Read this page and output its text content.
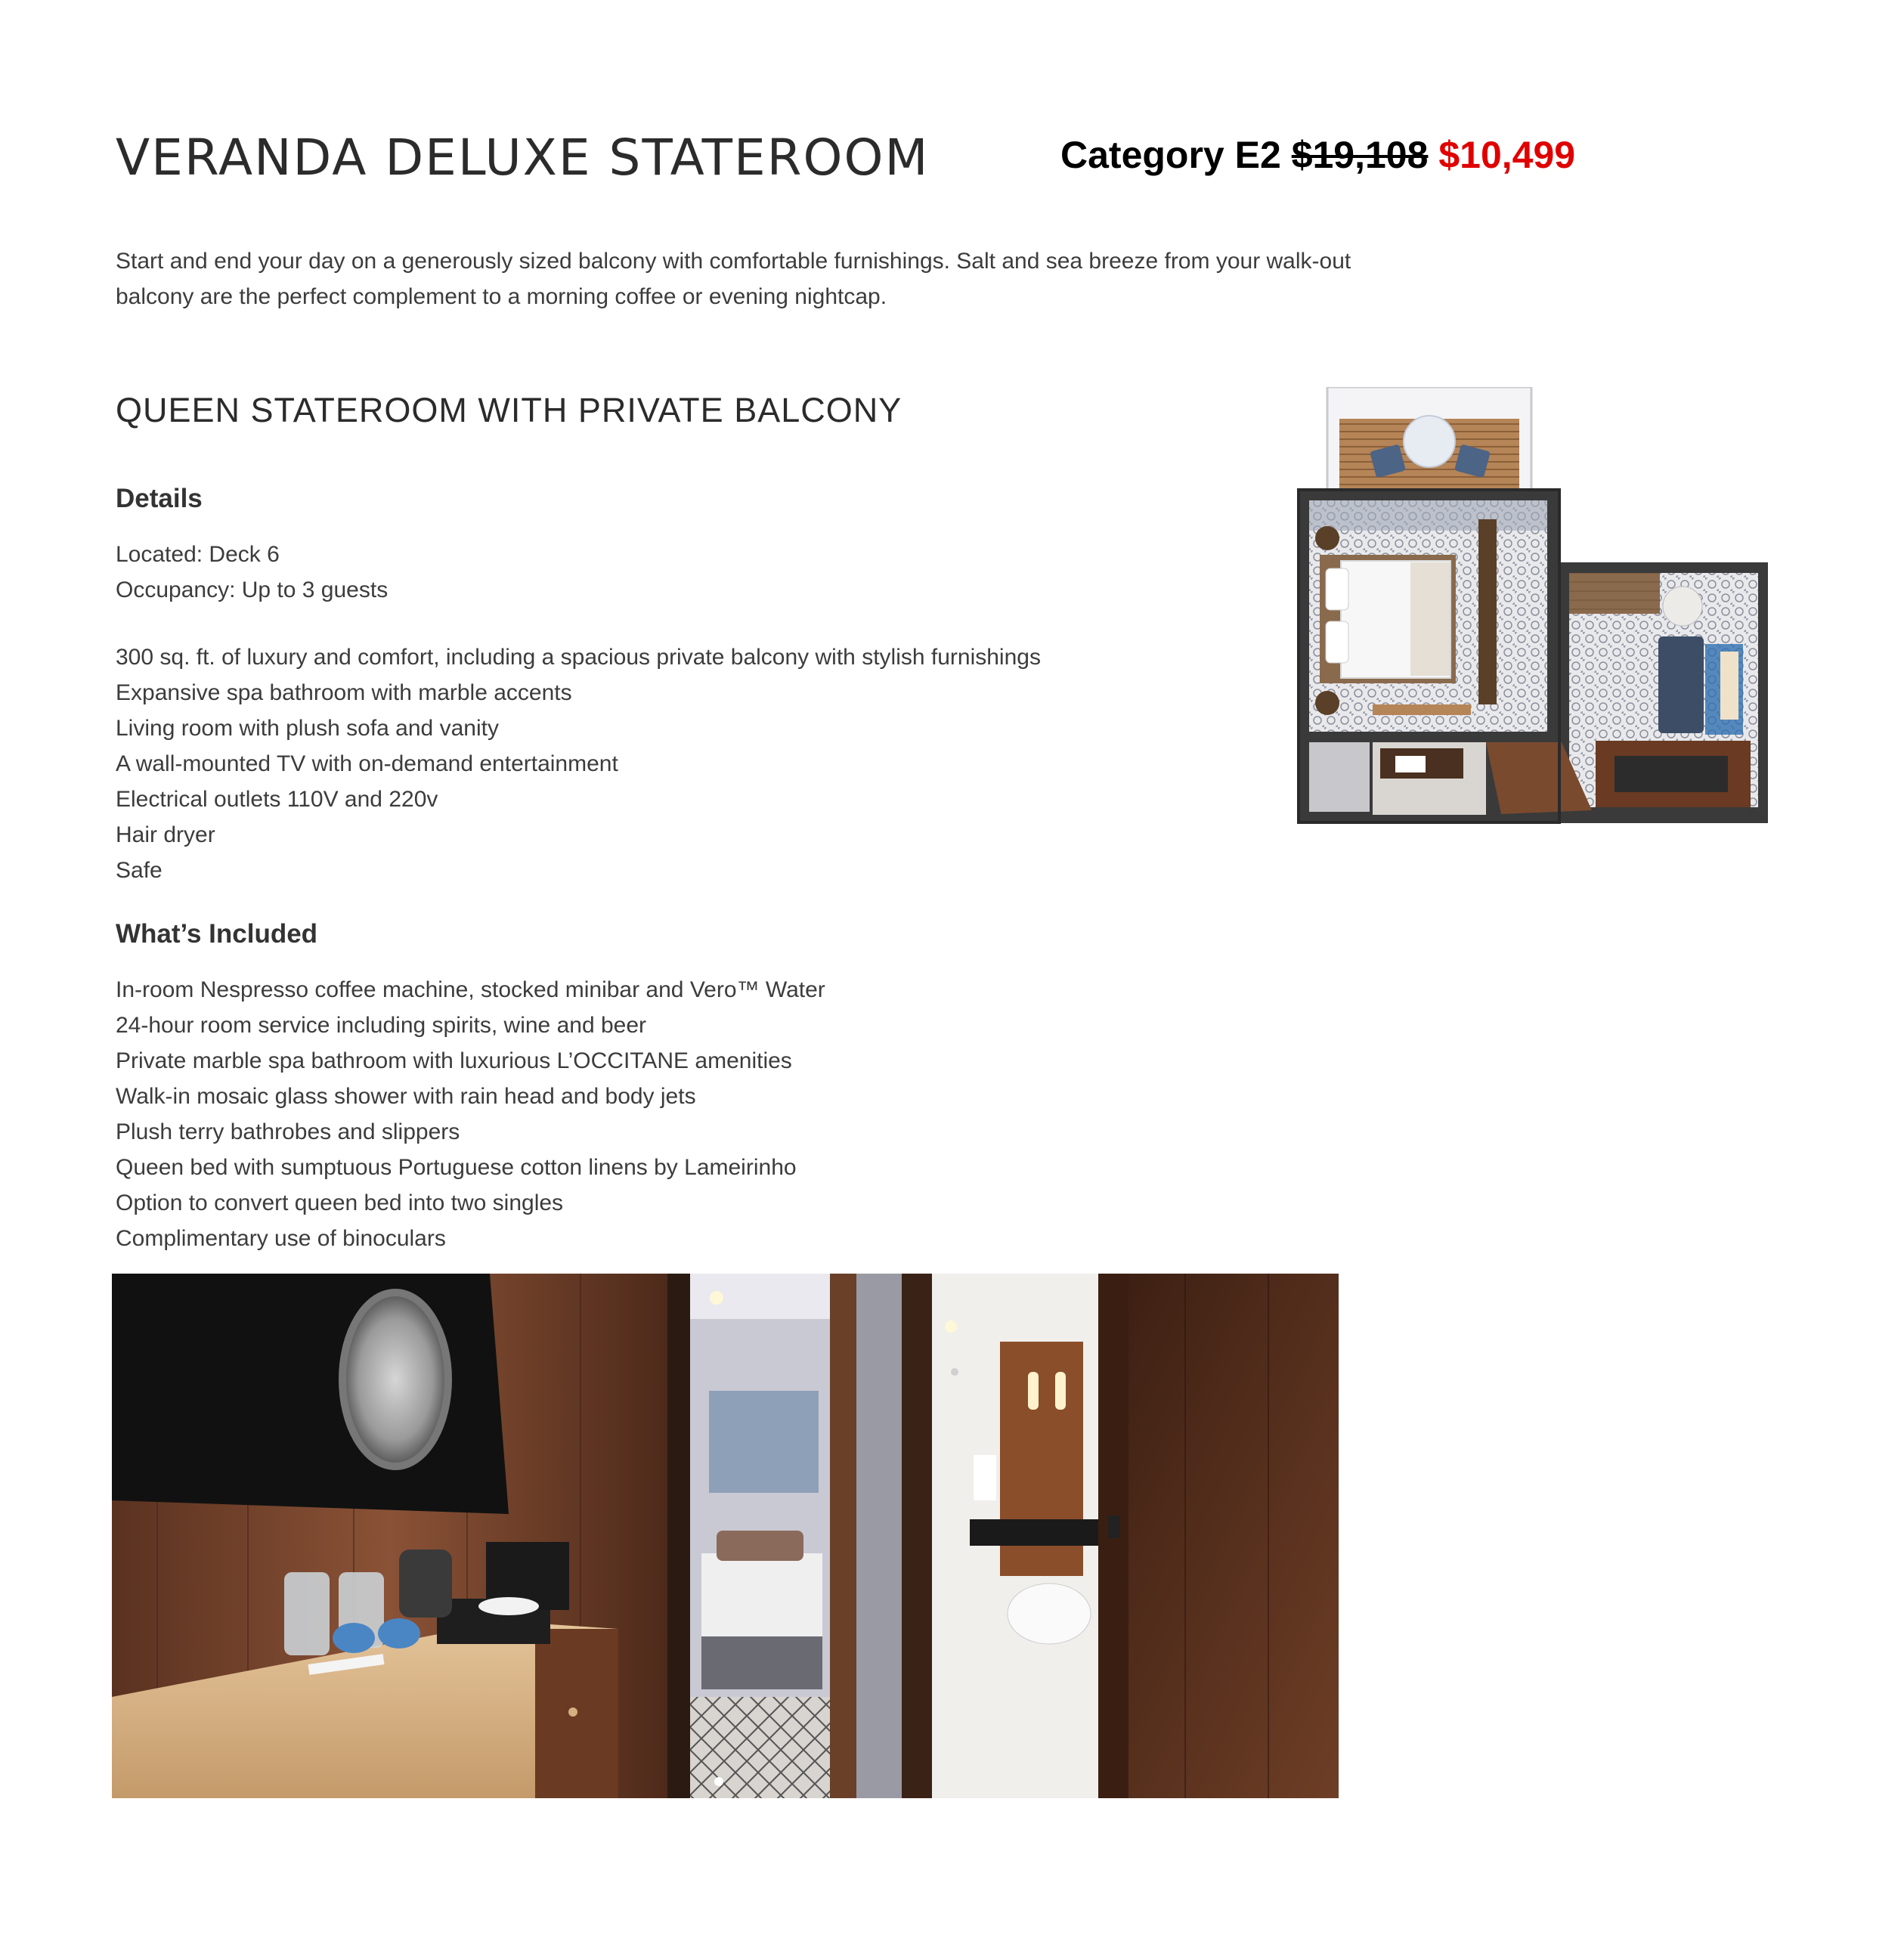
VERANDA DELUXE STATEROOM	Category E2 $19,108 $10,499

Start and end your day on a generously sized balcony with comfortable furnishings. Salt and sea breeze from your walk-out balcony are the perfect complement to a morning coffee or evening nightcap.

QUEEN STATEROOM WITH PRIVATE BALCONY
Details
Located: Deck 6
Occupancy: Up to 3 guests
300 sq. ft. of luxury and comfort, including a spacious private balcony with stylish furnishings
Expansive spa bathroom with marble accents
Living room with plush sofa and vanity
A wall-mounted TV with on-demand entertainment
Electrical outlets 110V and 220v
Hair dryer
Safe
What’s Included
In-room Nespresso coffee machine, stocked minibar and Vero™ Water
24-hour room service including spirits, wine and beer
Private marble spa bathroom with luxurious L’OCCITANE amenities
Walk-in mosaic glass shower with rain head and body jets
Plush terry bathrobes and slippers
Queen bed with sumptuous Portuguese cotton linens by Lameirinho
Option to convert queen bed into two singles
Complimentary use of binoculars
